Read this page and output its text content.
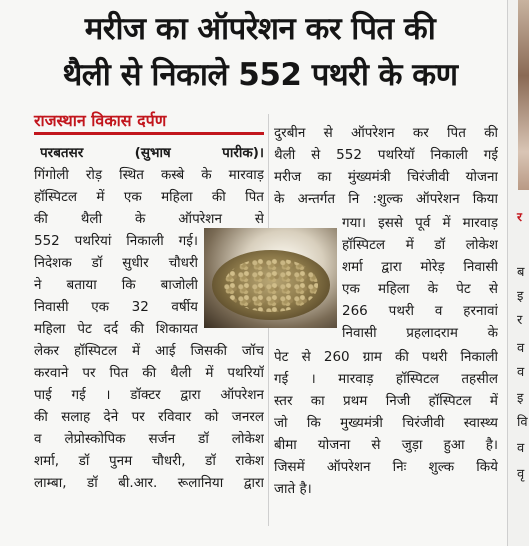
मरीज का ऑपरेशन कर पित की
थैली से निकाले 552 पथरी के कण
राजस्थान विकास दर्पण
परबतसर (सुभाष पारीक)।
गिंगोली रोड़ स्थित कस्बे के मारवाड़
हॉस्पिटल में एक महिला की पित
की थैली के ऑपरेशन से
552 पथरियां निकाली गई।
निदेशक डॉ सुधीर चौधरी
ने बताया कि बाजोली
निवासी एक 32 वर्षीय
महिला पेट दर्द की शिकायत
लेकर हॉस्पिटल में आई जिसकी जॉच
करवाने पर पित की थैली में पथरियॉ
पाई गई । डॉक्टर द्वारा ऑपरेशन
की सलाह देने पर रविवार को जनरल
व लेप्रोस्कोपिक सर्जन डॉ लोकेश
शर्मा, डॉ पुनम चौधरी, डॉ राकेश
लाम्बा, डॉ बी.आर. रूलानिया द्वारा
दुरबीन से ऑपरेशन कर पित की
थैली से 552 पथरियॉ निकाली गई
मरीज का मुंख्यमंत्री चिरंजीवी योजना
के अन्तर्गत नि :शुल्क ऑपरेशन किया
गया। इससे पूर्व में मारवाड़
हॉस्पिटल में डॉ लोकेश
शर्मा द्वारा मोरेड़ निवासी
एक महिला के पेट से
266 पथरी व हरनावां
निवासी प्रहलादराम के
पेट से 260 ग्राम की पथरी निकाली
गई । मारवाड़ हॉस्पिटल तहसील
स्तर का प्रथम निजी हॉस्पिटल में
जो कि मुख्यमंत्री चिरंजीवी स्वास्थ्य
बीमा योजना से जुड़ा हुआ है।
जिसमें ऑपरेशन निः शुल्क किये
जाते है।
र
ब
इ
र
व
व
इ
वि
व
वृ
